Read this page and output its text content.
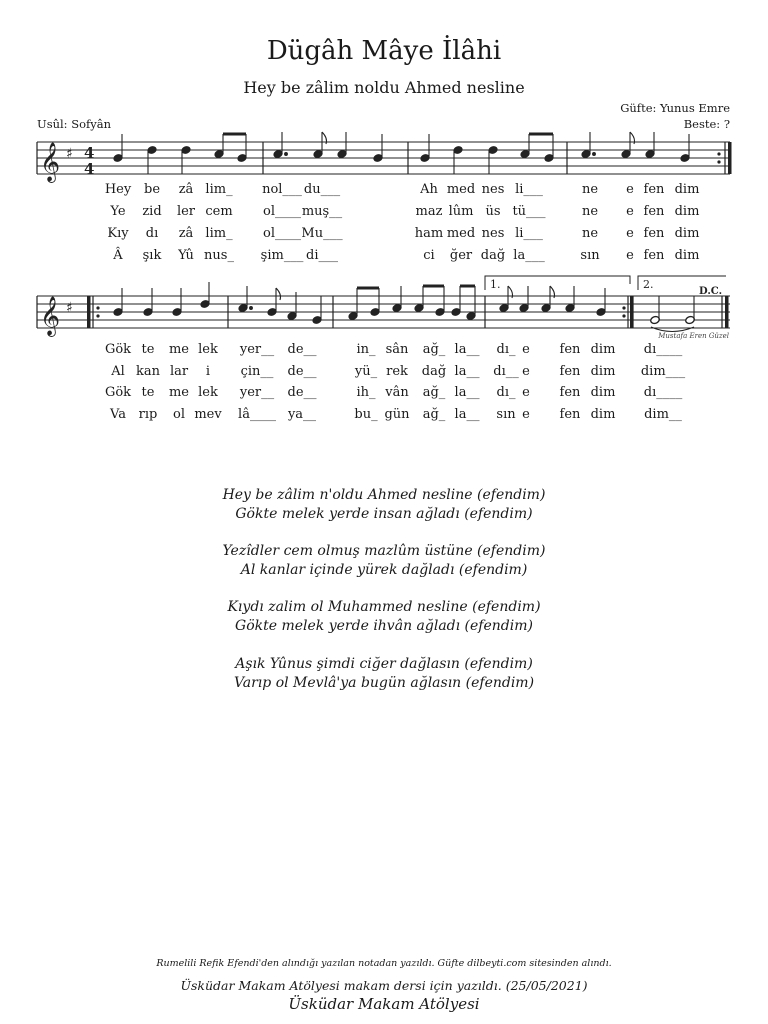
Dügâh Mâye İlâhi
Hey be zâlim noldu Ahmed nesline
Güfte: Yunus Emre
Beste: ?
Usûl: Sofyân
𝄞 ♯ 4
4
Hey be zâ lim_ nol___ du___	Ah med nes li___	ne e fen dim
Ye zid ler cem ol____ muş__	maz lûm üs tü___	ne e fen dim
Kıy dı zâ lim_ ol____ Mu___	ham med nes li___	ne e fen dim
Â şık Yû nus_ şim___ di___	ci ğer dağ la___	sın e fen dim
𝄞 ♯
1.	2.
D.C.
Mustafa Eren Güzel
Gök te me lek yer__ de__	in_ sân ağ_ la__ dı_ e fen dim dı____
Al kan lar i çin__ de__	yü_ rek dağ la__ dı__ e fen dim dim___
Gök te me lek yer__ de__	ih_ vân ağ_ la__ dı_ e fen dim dı____
Va rıp ol mev lâ____ ya__	bu_ gün ağ_ la__ sın e fen dim dim__
Hey be zâlim n'oldu Ahmed nesline (efendim)
Gökte melek yerde insan ağladı (efendim)
Yezîdler cem olmuş mazlûm üstüne (efendim)
Al kanlar içinde yürek dağladı (efendim)
Kıydı zalim ol Muhammed nesline (efendim)
Gökte melek yerde ihvân ağladı (efendim)
Aşık Yûnus şimdi ciğer dağlasın (efendim)
Varıp ol Mevlâ'ya bugün ağlasın (efendim)
Rumelili Refik Efendi'den alındığı yazılan notadan yazıldı. Güfte dilbeyti.com sitesinden alındı.
Üsküdar Makam Atölyesi makam dersi için yazıldı. (25/05/2021)
Üsküdar Makam Atölyesi
